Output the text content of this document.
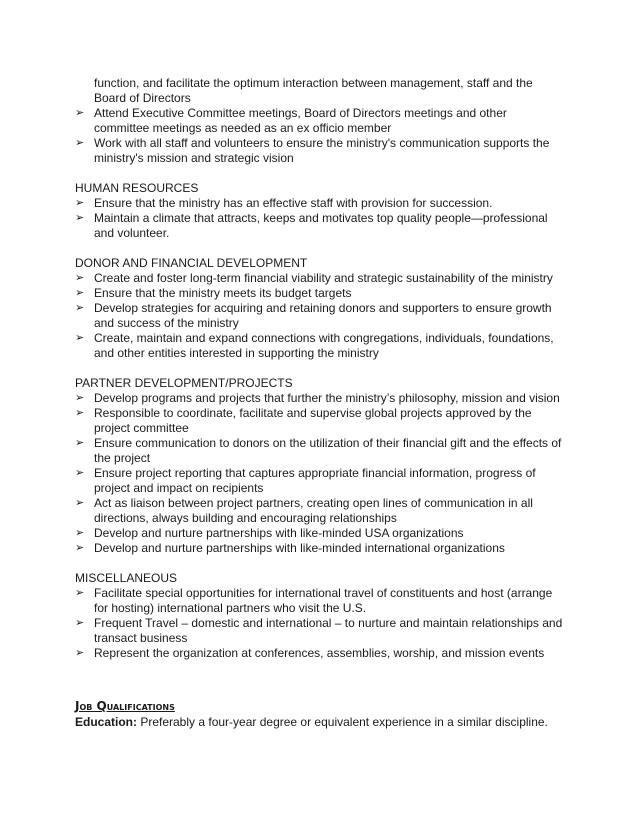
function, and facilitate the optimum interaction between management, staff and the Board of Directors
➢ Attend Executive Committee meetings, Board of Directors meetings and other committee meetings as needed as an ex officio member
➢ Work with all staff and volunteers to ensure the ministry's communication supports the ministry's mission and strategic vision
HUMAN RESOURCES
➢ Ensure that the ministry has an effective staff with provision for succession.
➢ Maintain a climate that attracts, keeps and motivates top quality people—professional and volunteer.
DONOR AND FINANCIAL DEVELOPMENT
➢ Create and foster long-term financial viability and strategic sustainability of the ministry
➢ Ensure that the ministry meets its budget targets
➢ Develop strategies for acquiring and retaining donors and supporters to ensure growth and success of the ministry
➢ Create, maintain and expand connections with congregations, individuals, foundations, and other entities interested in supporting the ministry
PARTNER DEVELOPMENT/PROJECTS
➢ Develop programs and projects that further the ministry’s philosophy, mission and vision
➢ Responsible to coordinate, facilitate and supervise global projects approved by the project committee
➢ Ensure communication to donors on the utilization of their financial gift and the effects of the project
➢ Ensure project reporting that captures appropriate financial information, progress of project and impact on recipients
➢ Act as liaison between project partners, creating open lines of communication in all directions, always building and encouraging relationships
➢ Develop and nurture partnerships with like-minded USA organizations
➢ Develop and nurture partnerships with like-minded international organizations
MISCELLANEOUS
➢ Facilitate special opportunities for international travel of constituents and host (arrange for hosting) international partners who visit the U.S.
➢ Frequent Travel – domestic and international – to nurture and maintain relationships and transact business
➢ Represent the organization at conferences, assemblies, worship, and mission events
Job Qualifications
Education: Preferably a four-year degree or equivalent experience in a similar discipline.
